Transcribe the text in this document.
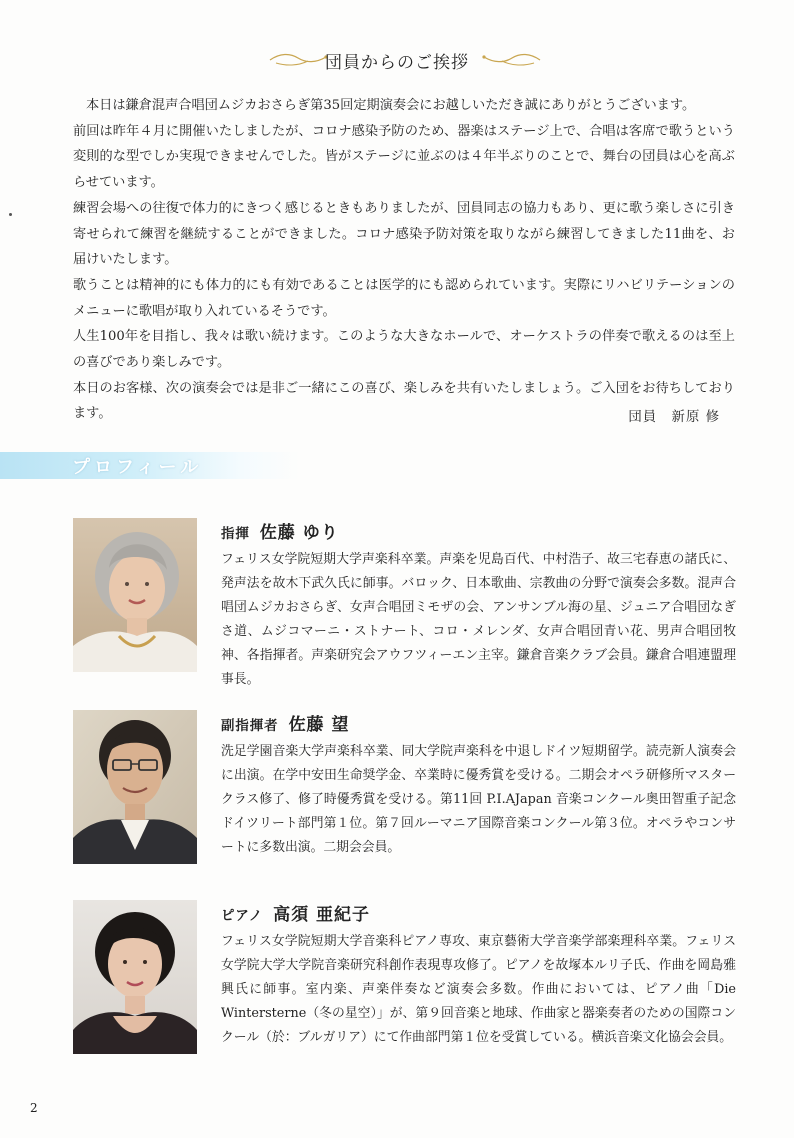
団員からのご挨拶

本日は鎌倉混声合唱団ムジカおさらぎ第35回定期演奏会にお越しいただき誠にありがとうございます。

前回は昨年４月に開催いたしましたが、コロナ感染予防のため、器楽はステージ上で、合唱は客席で歌うという変則的な型でしか実現できませんでした。皆がステージに並ぶのは４年半ぶりのことで、舞台の団員は心を高ぶらせています。

練習会場への往復で体力的にきつく感じるときもありましたが、団員同志の協力もあり、更に歌う楽しさに引き寄せられて練習を継続することができました。コロナ感染予防対策を取りながら練習してきました11曲を、お届けいたします。

歌うことは精神的にも体力的にも有効であることは医学的にも認められています。実際にリハビリテーションのメニューに歌唱が取り入れているそうです。

人生100年を目指し、我々は歌い続けます。このような大きなホールで、オーケストラの伴奏で歌えるのは至上の喜びであり楽しみです。

本日のお客様、次の演奏会では是非ご一緒にこの喜び、楽しみを共有いたしましょう。ご入団をお待ちしております。	団員　新原 修
プロフィール
指揮 佐藤 ゆり
フェリス女学院短期大学声楽科卒業。声楽を児島百代、中村浩子、故三宅春恵の諸氏に、発声法を故木下武久氏に師事。バロック、日本歌曲、宗教曲の分野で演奏会多数。混声合唱団ムジカおさらぎ、女声合唱団ミモザの会、アンサンブル海の星、ジュニア合唱団なぎさ道、ムジコマーニ・ストナート、コロ・メレンダ、女声合唱団青い花、男声合唱団牧神、各指揮者。声楽研究会アウフツィーエン主宰。鎌倉音楽クラブ会員。鎌倉合唱連盟理事長。
副指揮者 佐藤 望
洗足学園音楽大学声楽科卒業、同大学院声楽科を中退しドイツ短期留学。読売新人演奏会に出演。在学中安田生命奨学金、卒業時に優秀賞を受ける。二期会オペラ研修所マスタークラス修了、修了時優秀賞を受ける。第11回 P.I.AJapan 音楽コンクール奥田智重子記念ドイツリート部門第１位。第７回ルーマニア国際音楽コンクール第３位。オペラやコンサートに多数出演。二期会会員。
ピアノ 高須 亜紀子
フェリス女学院短期大学音楽科ピアノ専攻、東京藝術大学音楽学部楽理科卒業。フェリス女学院大学大学院音楽研究科創作表現専攻修了。ピアノを故塚本ルリ子氏、作曲を岡島雅興氏に師事。室内楽、声楽伴奏など演奏会多数。作曲においては、ピアノ曲「Die Wintersterne（冬の星空）」が、第９回音楽と地球、作曲家と器楽奏者のための国際コンクール（於：ブルガリア）にて作曲部門第１位を受賞している。横浜音楽文化協会会員。
2
